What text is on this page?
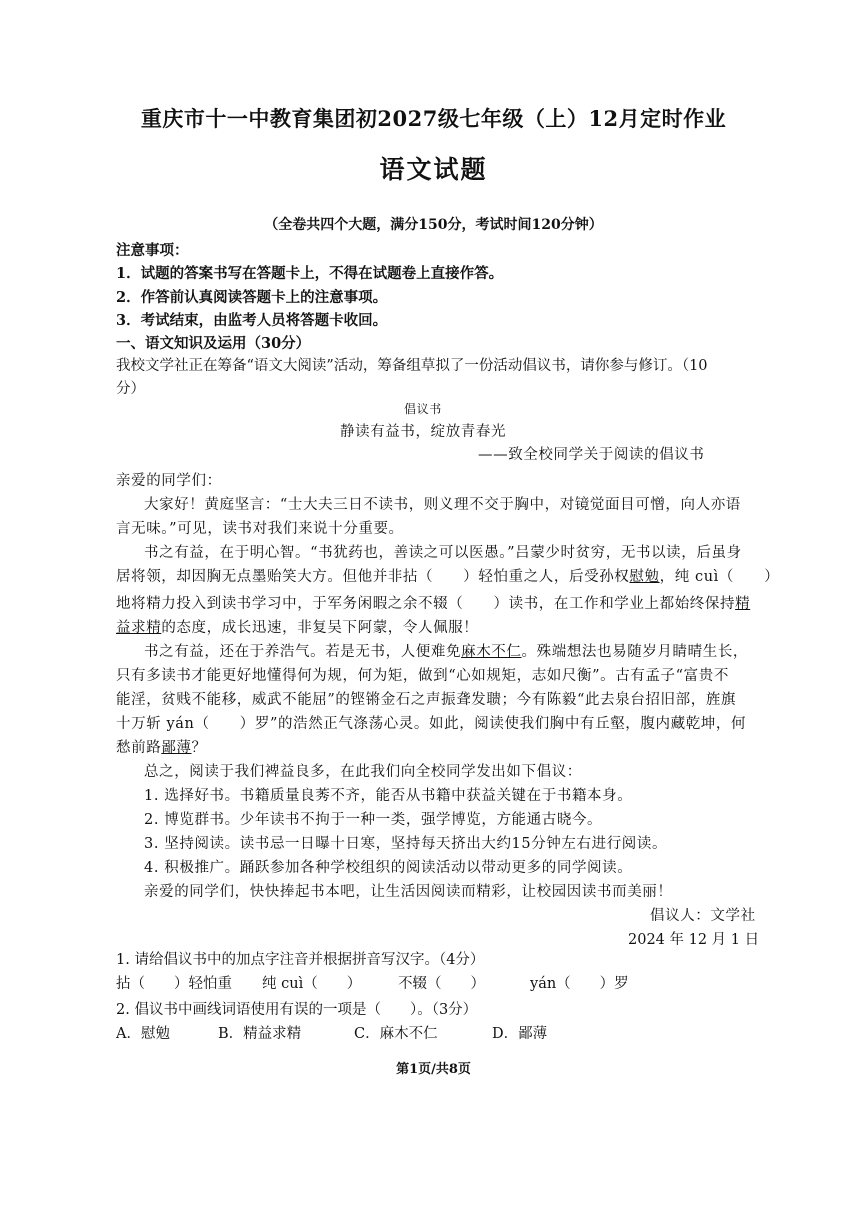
重庆市十一中教育集团初2027级七年级（上）12月定时作业
语文试题
（全卷共四个大题，满分150分，考试时间120分钟）
注意事项：
1．试题的答案书写在答题卡上，不得在试题卷上直接作答。
2．作答前认真阅读答题卡上的注意事项。
3．考试结束，由监考人员将答题卡收回。
一、语文知识及运用（30分）
我校文学社正在筹备“语文大阅读”活动，筹备组草拟了一份活动倡议书，请你参与修订。（10
分）
倡议书
静读有益书，绽放青春光
——致全校同学关于阅读的倡议书
亲爱的同学们：
大家好！黄庭坚言：“士大夫三日不读书，则义理不交于胸中，对镜觉面目可憎，向人亦语
言无味。”可见，读书对我们来说十分重要。
书之有益，在于明心智。“书犹药也，善读之可以医愚。”吕蒙少时贫穷，无书以读，后虽身
居将领，却因胸无点墨贻笑大方。但他并非拈（　　）轻怕重之人，后受孙权慰勉，纯 cuì（　　）
地将精力投入到读书学习中，于军务闲暇之余不辍（　　）读书，在工作和学业上都始终保持精
益求精的态度，成长迅速，非复吴下阿蒙，令人佩服！
书之有益，还在于养浩气。若是无书，人便难免麻木不仁。殊端想法也易随岁月睛晴生长，
只有多读书才能更好地懂得何为规，何为矩，做到“心如规矩，志如尺衡”。古有孟子“富贵不
能淫，贫贱不能移，威武不能屈”的铿锵金石之声振聋发聩；今有陈毅“此去泉台招旧部，旌旗
十万斩 yán（　　）罗”的浩然正气涤荡心灵。如此，阅读使我们胸中有丘壑，腹内藏乾坤，何
愁前路鄙薄？
总之，阅读于我们裨益良多，在此我们向全校同学发出如下倡议：
1. 选择好书。书籍质量良莠不齐，能否从书籍中获益关键在于书籍本身。
2. 博览群书。少年读书不拘于一种一类，强学博览，方能通古晓今。
3. 坚持阅读。读书忌一日曝十日寒，坚持每天挤出大约15分钟左右进行阅读。
4. 积极推广。踊跃参加各种学校组织的阅读活动以带动更多的同学阅读。
亲爱的同学们，快快捧起书本吧，让生活因阅读而精彩，让校园因读书而美丽！
倡议人：文学社
2024 年 12 月 1 日
1. 请给倡议书中的加点字注音并根据拼音写汉字。（4分）
拈（　　）轻怕重 纯 cuì（　　）	不辍（　　）	yán（　　）罗
2. 倡议书中画线词语使用有误的一项是（　　）。（3分）
A．慰勉	B．精益求精	C．麻木不仁	D．鄙薄
第1页/共8页
